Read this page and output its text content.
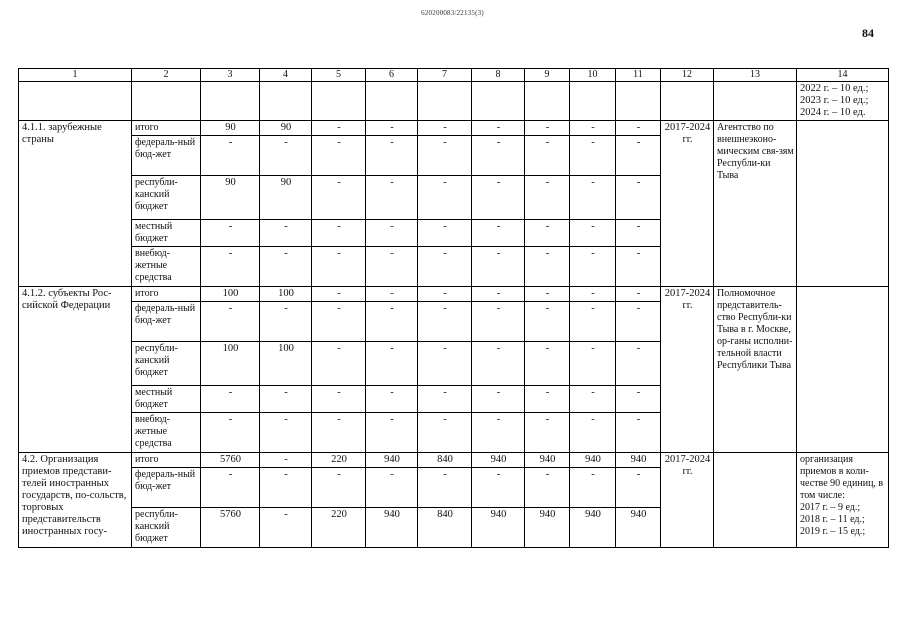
620200083/22135(3)
84
1	2	3	4	5	6	7	8	9	10	11	12	13	14
													2022 г. – 10 ед.;
2023 г. – 10 ед.;
2024 г. – 10 ед.
4.1.1. зарубежные страны	итого	90	90	-	-	-	-	-	-	-	2017-2024 гг.	Агентство по внешнеэконо-мическим свя-зям Республи-ки Тыва	
	федераль-ный бюд-жет	-	-	-	-	-	-	-	-	-			
	республи-канский бюджет	90	90	-	-	-	-	-	-	-			
	местный бюджет	-	-	-	-	-	-	-	-	-			
	внебюд-жетные средства	-	-	-	-	-	-	-	-	-			
4.1.2. субъекты Рос-сийской Федерации	итого	100	100	-	-	-	-	-	-	-	2017-2024 гг.	Полномочное представитель-ство Республи-ки Тыва в г. Москве, ор-ганы исполни-тельной власти Республики Тыва	
	федераль-ный бюд-жет	-	-	-	-	-	-	-	-	-			
	республи-канский бюджет	100	100	-	-	-	-	-	-	-			
	местный бюджет	-	-	-	-	-	-	-	-	-			
	внебюд-жетные средства	-	-	-	-	-	-	-	-	-			
4.2. Организация приемов представи-телей иностранных государств, по-сольств, торговых представительств иностранных госу-	итого	5760	-	220	940	840	940	940	940	940	2017-2024 гг.		организация приемов в коли-честве 90 единиц, в том числе:
2017 г. – 9 ед.;
2018 г. – 11 ед.;
2019 г. – 15 ед.;
	федераль-ный бюд-жет	-	-	-	-	-	-	-	-	-			
	республи-канский бюджет	5760	-	220	940	840	940	940	940	940			
